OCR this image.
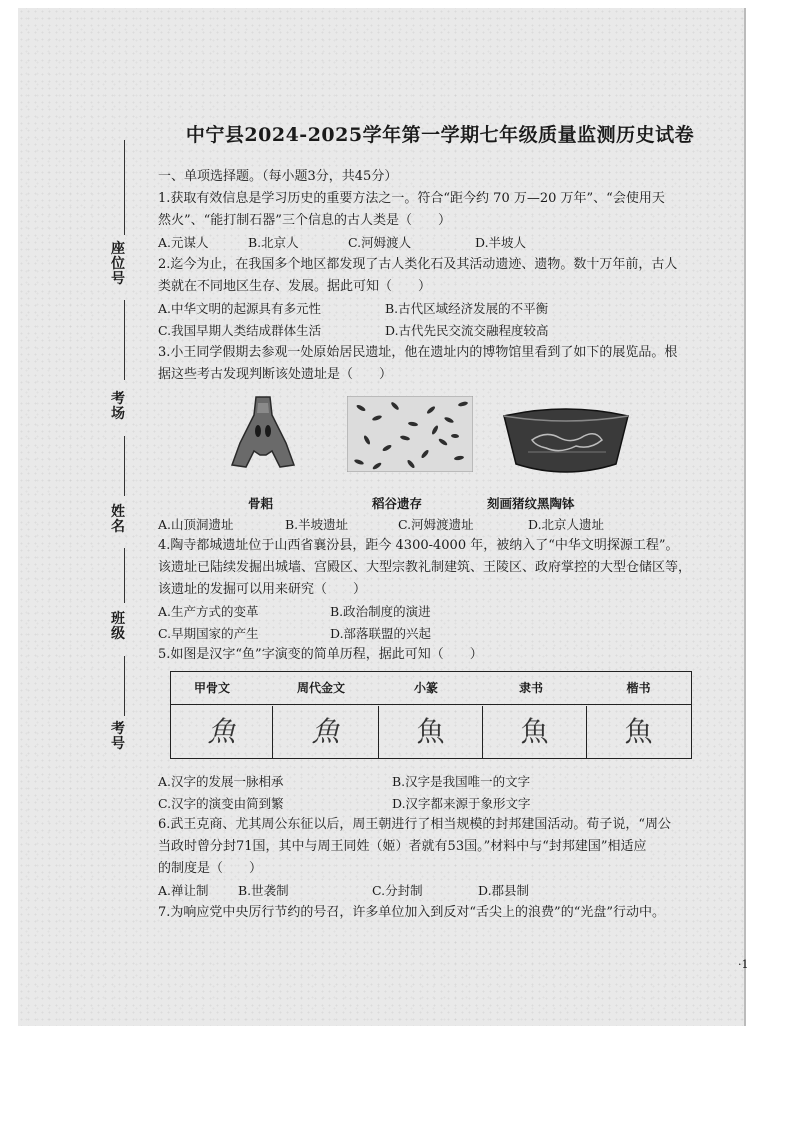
座位号
考场
姓名
班级
考号
中宁县2024-2025学年第一学期七年级质量监测历史试卷
一、单项选择题。（每小题3分，共45分）
1.获取有效信息是学习历史的重要方法之一。符合“距今约 70 万—20 万年”、“会使用天
然火”、“能打制石器”三个信息的古人类是（　　）
A.元谋人	B.北京人	C.河姆渡人	D.半坡人
2.迄今为止，在我国多个地区都发现了古人类化石及其活动遗迹、遗物。数十万年前，古人
类就在不同地区生存、发展。据此可知（　　）
A.中华文明的起源具有多元性	B.古代区域经济发展的不平衡
C.我国早期人类结成群体生活	D.古代先民交流交融程度较高
3.小王同学假期去参观一处原始居民遗址，他在遗址内的博物馆里看到了如下的展览品。根
据这些考古发现判断该处遗址是（　　）
骨耜	稻谷遗存	刻画猪纹黑陶钵
A.山顶洞遗址	B.半坡遗址	C.河姆渡遗址	D.北京人遗址
4.陶寺都城遗址位于山西省襄汾县，距今 4300-4000 年，被纳入了“中华文明探源工程”。
该遗址已陆续发掘出城墙、宫殿区、大型宗教礼制建筑、王陵区、政府掌控的大型仓储区等，
该遗址的发掘可以用来研究（　　）
A.生产方式的变革	B.政治制度的演进
C.早期国家的产生	D.部落联盟的兴起
5.如图是汉字“鱼”字演变的简单历程，据此可知（　　）
甲骨文	周代金文	小篆	隶书	楷书
魚	魚	魚	魚	魚
A.汉字的发展一脉相承	B.汉字是我国唯一的文字
C.汉字的演变由简到繁	D.汉字都来源于象形文字
6.武王克商、尤其周公东征以后，周王朝进行了相当规模的封邦建国活动。荀子说，“周公
当政时曾分封71国，其中与周王同姓（姬）者就有53国。”材料中与“封邦建国”相适应
的制度是（　　）
A.禅让制 B.世袭制	C.分封制	D.郡县制
7.为响应党中央厉行节约的号召，许多单位加入到反对“舌尖上的浪费”的“光盘”行动中。
·1
